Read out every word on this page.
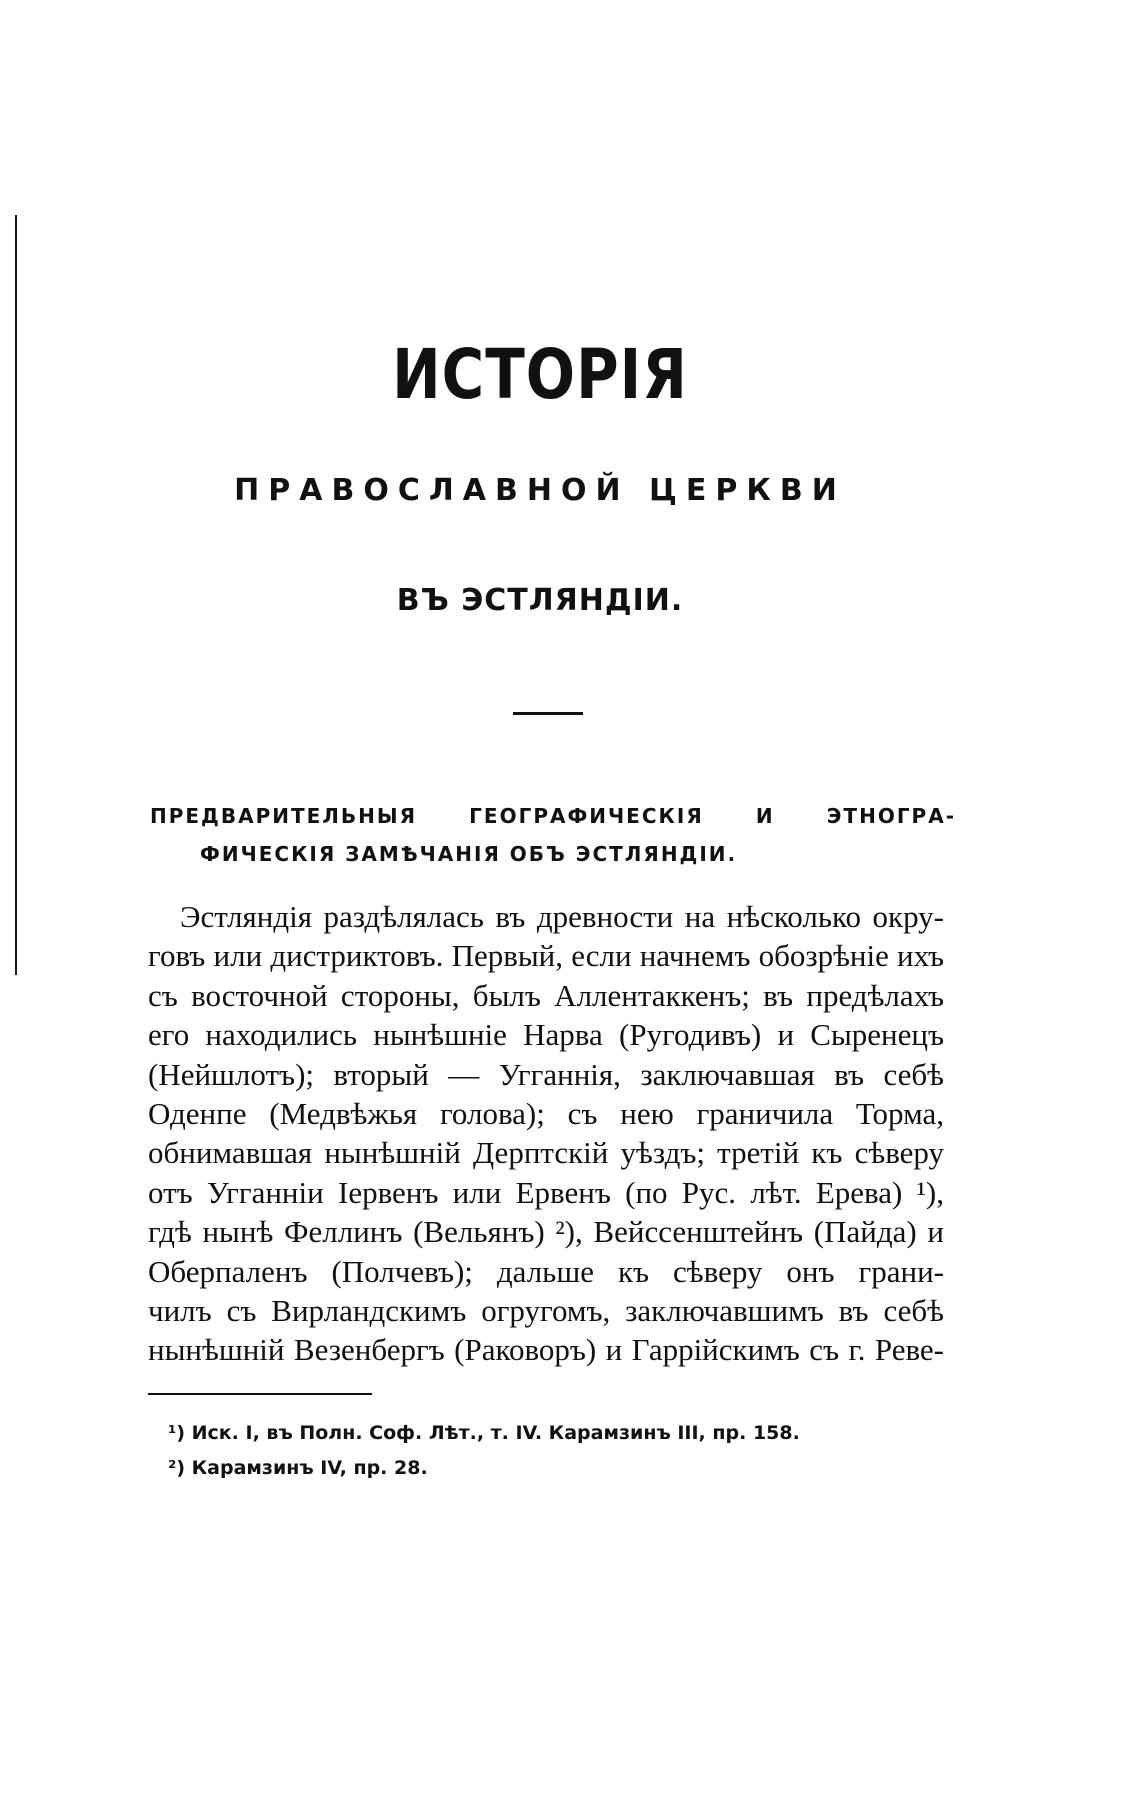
ИСТОРІЯ
ПРАВОСЛАВНОЙ ЦЕРКВИ
ВЪ ЭСТЛЯНДІИ.
ПРЕДВАРИТЕЛЬНЫЯ ГЕОГРАФИЧЕСКІЯ И ЭТНОГРА-
ФИЧЕСКІЯ ЗАМѢЧАНІЯ ОБЪ ЭСТЛЯНДІИ.
Эстляндія раздѣлялась въ древности на нѣсколько окру-
говъ или дистриктовъ. Первый, если начнемъ обозрѣніе ихъ
съ восточной стороны, былъ Аллентаккенъ; въ предѣлахъ
его находились нынѣшніе Нарва (Ругодивъ) и Сыренецъ
(Нейшлотъ); вторый — Угганнія, заключавшая въ себѣ
Оденпе (Медвѣжья голова); съ нею граничила Торма,
обнимавшая нынѣшній Дерптскій уѣздъ; третій къ сѣверу
отъ Угганніи Іервенъ или Ервенъ (по Рус. лѣт. Ерева) ¹),
гдѣ нынѣ Феллинъ (Вельянъ) ²), Вейссенштейнъ (Пайда) и
Оберпаленъ (Полчевъ); дальше къ сѣверу онъ грани-
чилъ съ Вирландскимъ огругомъ, заключавшимъ въ себѣ
нынѣшній Везенбергъ (Раковоръ) и Гаррійскимъ съ г. Реве-
¹) Иск. I, въ Полн. Соф. Лѣт., т. IV. Карамзинъ III, пр. 158.
²) Карамзинъ IV, пр. 28.
